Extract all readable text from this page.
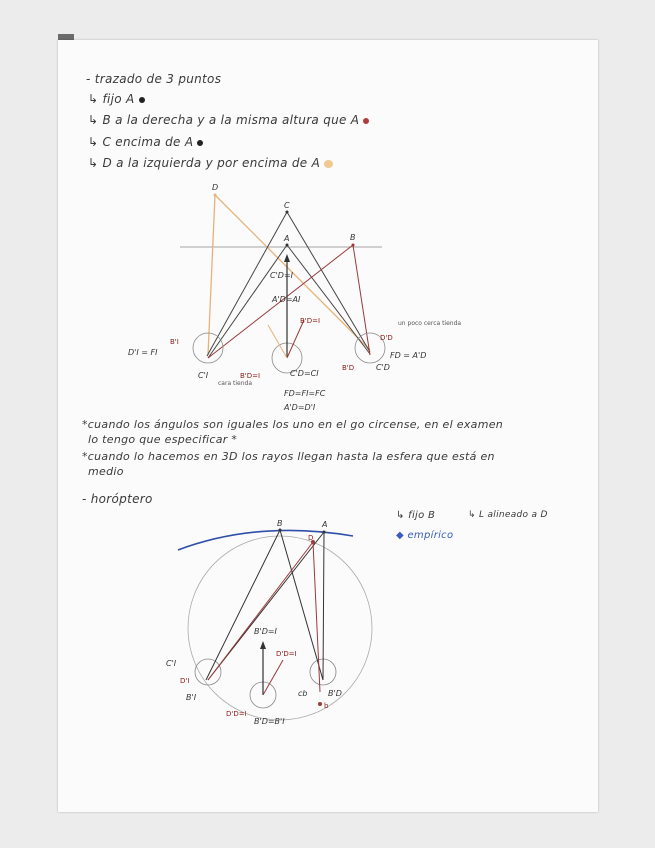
- trazado de 3 puntos
↳ fijo A
↳ B a la derecha y a la misma altura que A
↳ C encima de A
↳ D a la izquierda y por encima de A
*cuando los ángulos son iguales los uno en el go circense, en el examen
lo tengo que especificar *
*cuando lo hacemos en 3D los rayos llegan hasta la esfera que está en
medio
- horóptero
↳ fijo B	↳ L alineado a D
◆ empírico
D
C
A	B
C'D=I
A'D=AI
B'D=I
B'I
D'I = FI
C'I
cara tienda
B'D=I	C'D=CI
FD=FI=FC
A'D=D'I
un poco cerca tienda
D'D
FD = A'D
B'D	C'D
B	A
D
B'D=I
D'D=I
C'I
D'I
B'I
D'D=I
B'D=B'I
cb	B'D
b
